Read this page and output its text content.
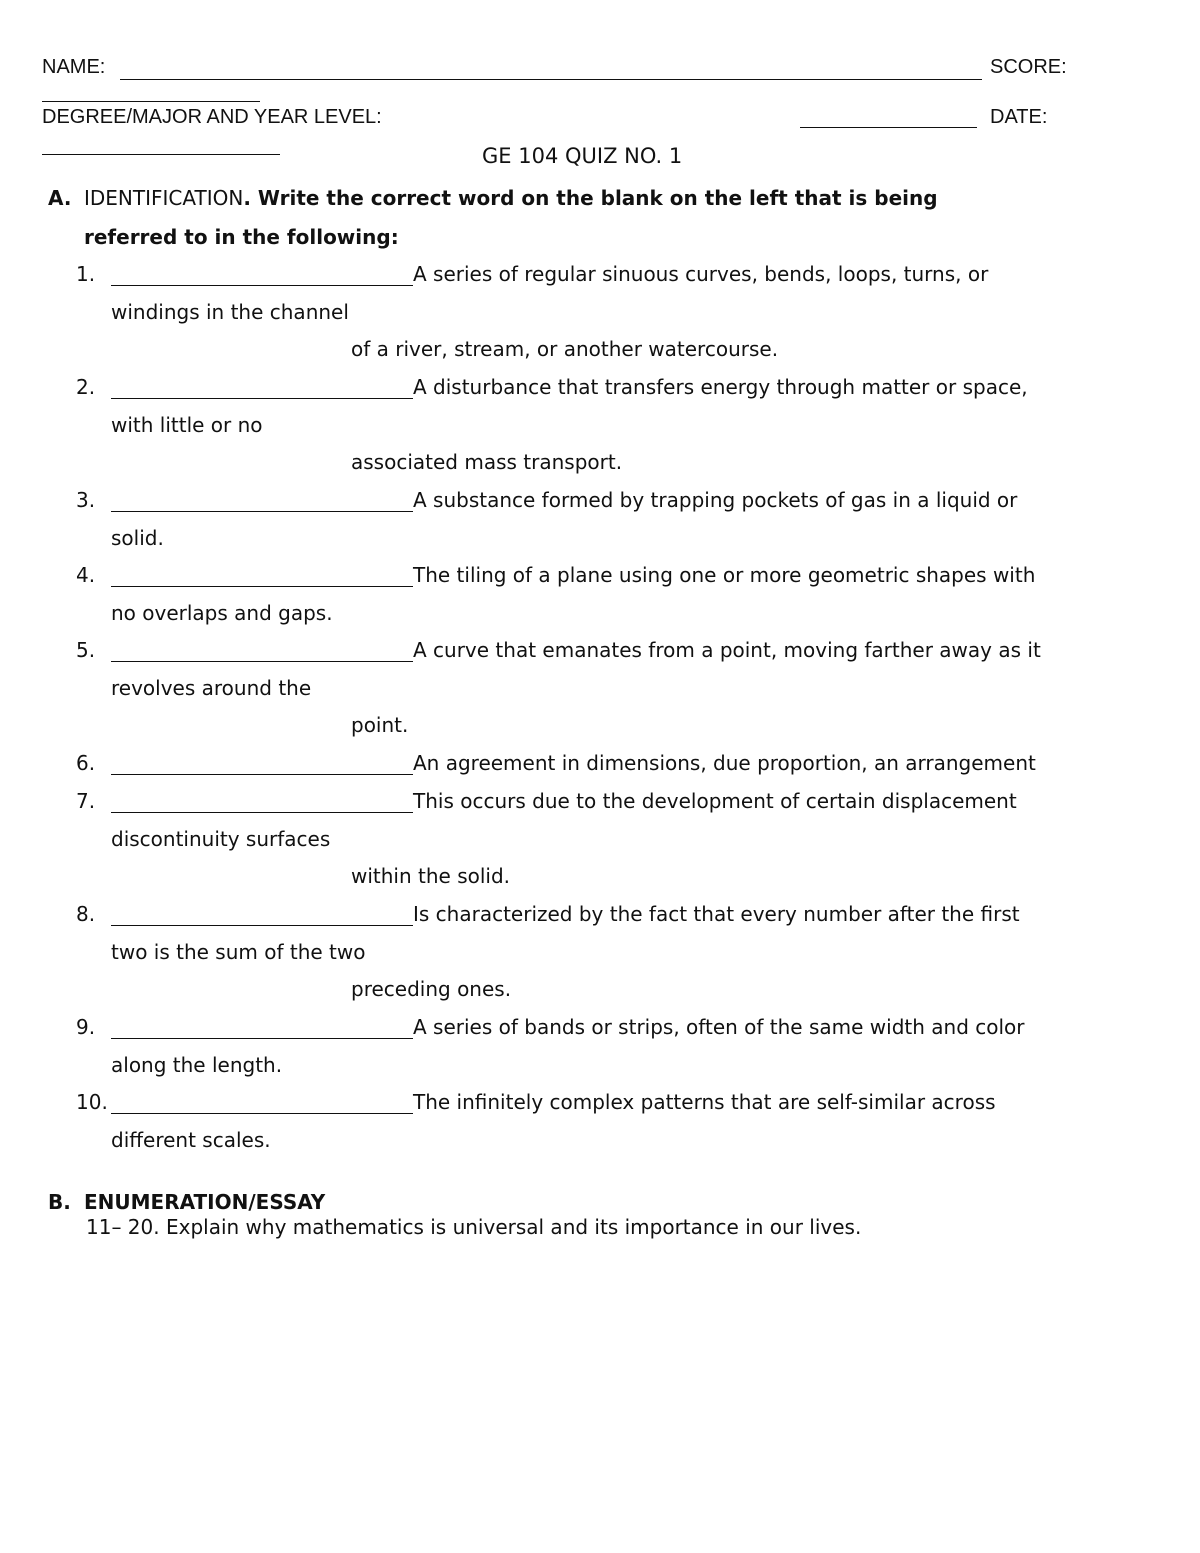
NAME:	SCORE:
DEGREE/MAJOR AND YEAR LEVEL:	DATE:
GE 104 QUIZ NO. 1
A. IDENTIFICATION. Write the correct word on the blank on the left that is being
referred to in the following:
1.	A series of regular sinuous curves, bends, loops, turns, or
windings in the channel
of a river, stream, or another watercourse.
2.	A disturbance that transfers energy through matter or space,
with little or no
associated mass transport.
3.	A substance formed by trapping pockets of gas in a liquid or
solid.
4.	The tiling of a plane using one or more geometric shapes with
no overlaps and gaps.
5.	A curve that emanates from a point, moving farther away as it
revolves around the
point.
6.	An agreement in dimensions, due proportion, an arrangement
7.	This occurs due to the development of certain displacement
discontinuity surfaces
within the solid.
8.	Is characterized by the fact that every number after the first
two is the sum of the two
preceding ones.
9.	A series of bands or strips, often of the same width and color
along the length.
10.	The infinitely complex patterns that are self-similar across
different scales.
B. ENUMERATION/ESSAY
11– 20. Explain why mathematics is universal and its importance in our lives.
